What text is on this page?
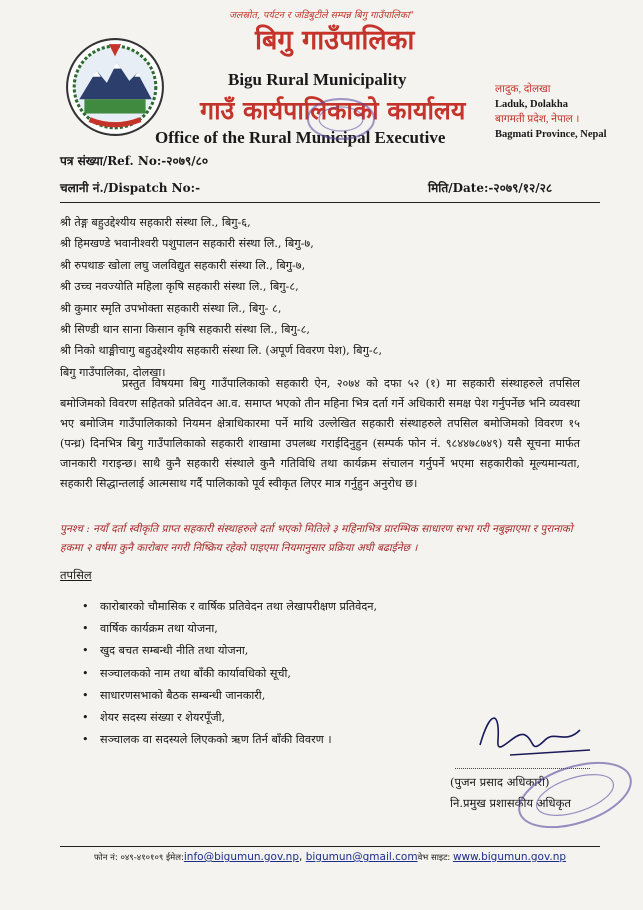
जलस्रोत, पर्यटन र जडिबुटीले सम्पन्न बिगु गाउँपालिका"
बिगु गाउँपालिका
Bigu Rural Municipality
गाउँ कार्यपालिकाको कार्यालय
Office of the Rural Municipal Executive
लादुक, दोलखा
Laduk, Dolakha
बागमती प्रदेश, नेपाल ।
Bagmati Province, Nepal
पत्र संख्या/Ref. No:-२०७९/८०
चलानी नं./Dispatch No:-	मिति/Date:-२०७९/१२/२८
श्री तेङ्ग बहुउद्देश्यीय सहकारी संस्था लि., बिगु-६,
श्री हिमखण्डे भवानीश्वरी पशुपालन सहकारी संस्था लि., बिगु-७,
श्री रुपथाङ खोला लघु जलविद्युत सहकारी संस्था लि., बिगु-७,
श्री उच्च नवज्योति महिला कृषि सहकारी संस्था लि., बिगु-८,
श्री कुमार स्मृति उपभोक्ता सहकारी संस्था लि., बिगु- ८,
श्री सिण्डी थान साना किसान कृषि सहकारी संस्था लि., बिगु-८,
श्री निको थाङ्मीचागु बहुउद्देश्यीय सहकारी संस्था लि. (अपूर्ण विवरण पेश), बिगु-८,
बिगु गाउँपालिका, दोलखा।

प्रस्तुत विषयमा बिगु गाउँपालिकाको सहकारी ऐन, २०७४ को दफा ५२ (१) मा सहकारी संस्थाहरुले तपसिल बमोजिमको विवरण सहितको प्रतिवेदन आ.व. समाप्त भएको तीन महिना भित्र दर्ता गर्ने अधिकारी समक्ष पेश गर्नुपर्नेछ भनि व्यवस्था भए बमोजिम गाउँपालिकाको नियमन क्षेत्राधिकारमा पर्ने माथि उल्लेखित सहकारी संस्थाहरुले तपसिल बमोजिमको विवरण १५ (पन्ध्र) दिनभित्र बिगु गाउँपालिकाको सहकारी शाखामा उपलब्ध गराईदिनुहुन (सम्पर्क फोन नं. ९८४४७८७४९) यसै सूचना मार्फत जानकारी गराइन्छ। साथै कुनै सहकारी संस्थाले कुनै गतिविधि तथा कार्यक्रम संचालन गर्नुपर्ने भएमा सहकारीको मूल्यमान्यता, सहकारी सिद्धान्तलाई आत्मसाथ गर्दै पालिकाको पूर्व स्वीकृत लिएर मात्र गर्नुहुन अनुरोध छ।

पुनश्च : नयाँ दर्ता स्वीकृति प्राप्त सहकारी संस्थाहरुले दर्ता भएको मितिले ३ महिनाभित्र प्रारम्भिक साधारण सभा गरी नबुझाएमा र पुरानाको हकमा २ वर्षमा कुनै कारोबार नगरी निष्क्रिय रहेको पाइएमा नियमानुसार प्रक्रिया अघी बढाईनेछ ।
तपसिल
• कारोबारको चौमासिक र वार्षिक प्रतिवेदन तथा लेखापरीक्षण प्रतिवेदन,
• वार्षिक कार्यक्रम तथा योजना,
• खुद बचत सम्बन्धी नीति तथा योजना,
• सञ्चालकको नाम तथा बाँकी कार्यावधिको सूची,
• साधारणसभाको बैठक सम्बन्धी जानकारी,
• शेयर सदस्य संख्या र शेयरपूँजी,
• सञ्चालक वा सदस्यले लिएकको ऋण तिर्न बाँकी विवरण ।
(पुजन प्रसाद अधिकारी)
नि.प्रमुख प्रशासकीय अधिकृत
फोन नं: ०४९-४१०१०९ ईमेल:info@bigumun.gov.np, bigumun@gmail.comवेभ साइट: www.bigumun.gov.np
